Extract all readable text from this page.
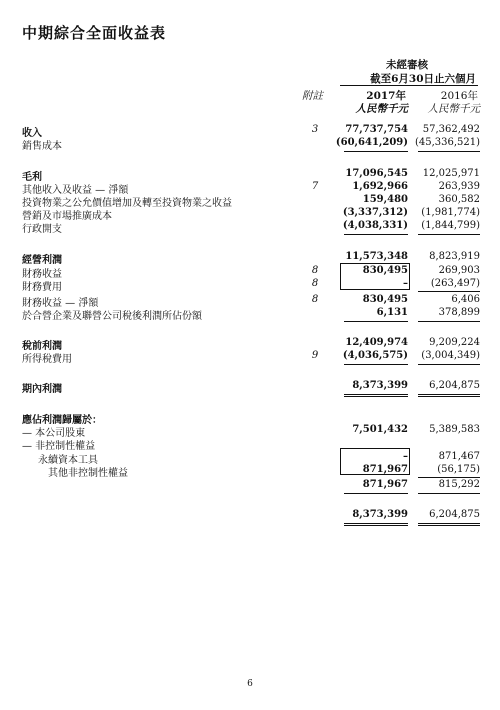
中期綜合全面收益表
未經審核
截至6月30日止六個月
附註	2017年	2016年
人民幣千元 人民幣千元
收入	3	77,737,754 57,362,492
銷售成本	(60,641,209) (45,336,521)
毛利	17,096,545 12,025,971
其他收入及收益 — 淨額	7	1,692,966	263,939
投資物業之公允價值增加及轉至投資物業之收益	159,480	360,582
營銷及市場推廣成本	(3,337,312) (1,981,774)
行政開支	(4,038,331) (1,844,799)
經營利潤	11,573,348 8,823,919
財務收益	8	830,495	269,903
財務費用	8	– (263,497)
財務收益 — 淨額	8	830,495	6,406
於合營企業及聯營公司稅後利潤所佔份額	6,131	378,899
稅前利潤	12,409,974 9,209,224
所得稅費用	9	(4,036,575) (3,004,349)
期內利潤	8,373,399 6,204,875
應佔利潤歸屬於：
— 本公司股東	7,501,432 5,389,583
— 非控制性權益
永續資本工具	–	871,467
其他非控制性權益	871,967	(56,175)
871,967	815,292
8,373,399 6,204,875
6
